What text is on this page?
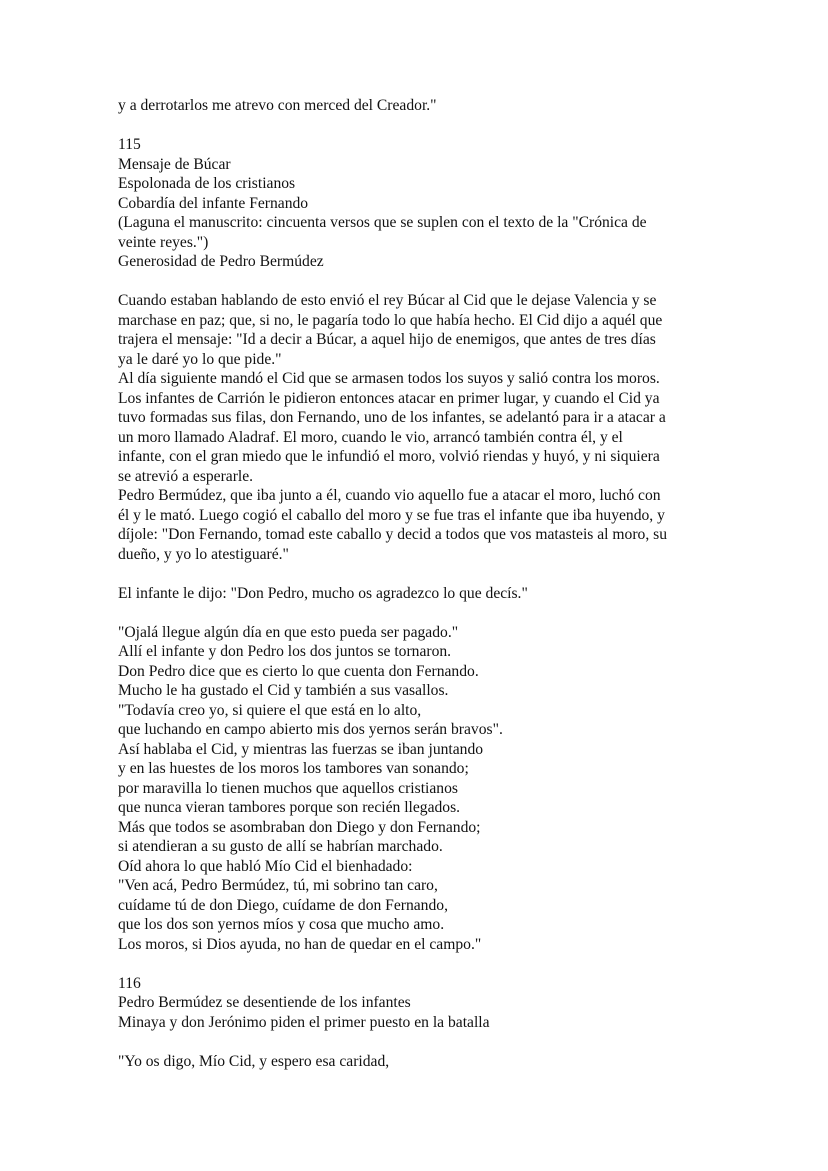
y a derrotarlos me atrevo con merced del Creador."
115
Mensaje de Búcar
Espolonada de los cristianos
Cobardía del infante Fernando
(Laguna el manuscrito: cincuenta versos que se suplen con el texto de la "Crónica de
veinte reyes.")
Generosidad de Pedro Bermúdez
Cuando estaban hablando de esto envió el rey Búcar al Cid que le dejase Valencia y se
marchase en paz; que, si no, le pagaría todo lo que había hecho. El Cid dijo a aquél que
trajera el mensaje: "Id a decir a Búcar, a aquel hijo de enemigos, que antes de tres días
ya le daré yo lo que pide."
Al día siguiente mandó el Cid que se armasen todos los suyos y salió contra los moros.
Los infantes de Carrión le pidieron entonces atacar en primer lugar, y cuando el Cid ya
tuvo formadas sus filas, don Fernando, uno de los infantes, se adelantó para ir a atacar a
un moro llamado Aladraf. El moro, cuando le vio, arrancó también contra él, y el
infante, con el gran miedo que le infundió el moro, volvió riendas y huyó, y ni siquiera
se atrevió a esperarle.
Pedro Bermúdez, que iba junto a él, cuando vio aquello fue a atacar el moro, luchó con
él y le mató. Luego cogió el caballo del moro y se fue tras el infante que iba huyendo, y
díjole: "Don Fernando, tomad este caballo y decid a todos que vos matasteis al moro, su
dueño, y yo lo atestiguaré."
El infante le dijo: "Don Pedro, mucho os agradezco lo que decís."
"Ojalá llegue algún día en que esto pueda ser pagado."
Allí el infante y don Pedro los dos juntos se tornaron.
Don Pedro dice que es cierto lo que cuenta don Fernando.
Mucho le ha gustado el Cid y también a sus vasallos.
"Todavía creo yo, si quiere el que está en lo alto,
que luchando en campo abierto mis dos yernos serán bravos".
Así hablaba el Cid, y mientras las fuerzas se iban juntando
y en las huestes de los moros los tambores van sonando;
por maravilla lo tienen muchos que aquellos cristianos
que nunca vieran tambores porque son recién llegados.
Más que todos se asombraban don Diego y don Fernando;
si atendieran a su gusto de allí se habrían marchado.
Oíd ahora lo que habló Mío Cid el bienhadado:
"Ven acá, Pedro Bermúdez, tú, mi sobrino tan caro,
cuídame tú de don Diego, cuídame de don Fernando,
que los dos son yernos míos y cosa que mucho amo.
Los moros, si Dios ayuda, no han de quedar en el campo."
116
Pedro Bermúdez se desentiende de los infantes
Minaya y don Jerónimo piden el primer puesto en la batalla
"Yo os digo, Mío Cid, y espero esa caridad,
